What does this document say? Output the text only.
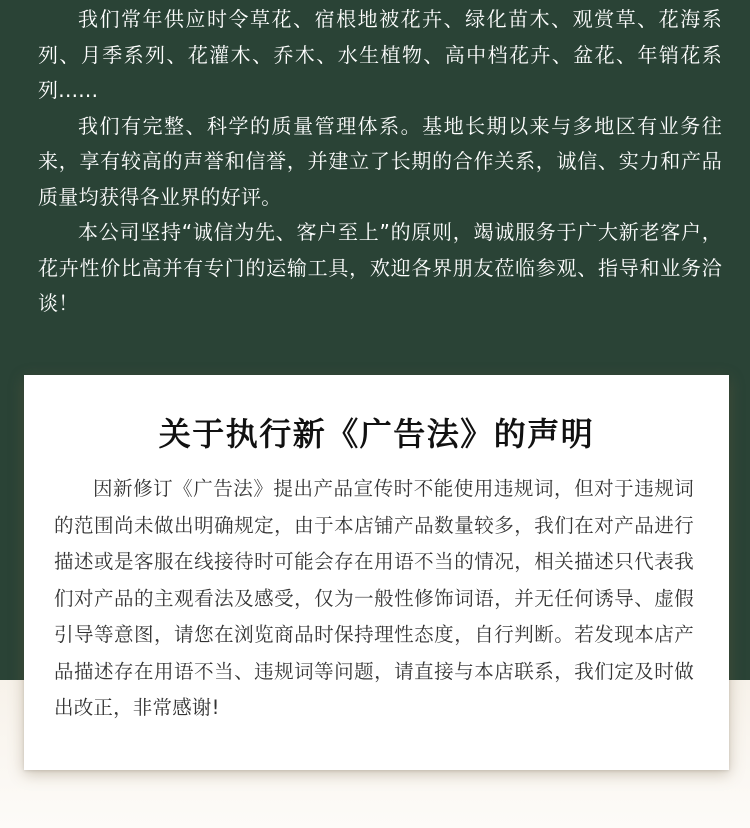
我们常年供应时令草花、宿根地被花卉、绿化苗木、观赏草、花海系列、月季系列、花灌木、乔木、水生植物、高中档花卉、盆花、年销花系列......

我们有完整、科学的质量管理体系。基地长期以来与多地区有业务往来，享有较高的声誉和信誉，并建立了长期的合作关系，诚信、实力和产品质量均获得各业界的好评。

本公司坚持“诚信为先、客户至上”的原则，竭诚服务于广大新老客户，花卉性价比高并有专门的运输工具，欢迎各界朋友莅临参观、指导和业务洽谈！

关于执行新《广告法》的声明

因新修订《广告法》提出产品宣传时不能使用违规词，但对于违规词的范围尚未做出明确规定，由于本店铺产品数量较多，我们在对产品进行描述或是客服在线接待时可能会存在用语不当的情况，相关描述只代表我们对产品的主观看法及感受，仅为一般性修饰词语，并无任何诱导、虚假引导等意图，请您在浏览商品时保持理性态度，自行判断。若发现本店产品描述存在用语不当、违规词等问题，请直接与本店联系，我们定及时做出改正，非常感谢!
